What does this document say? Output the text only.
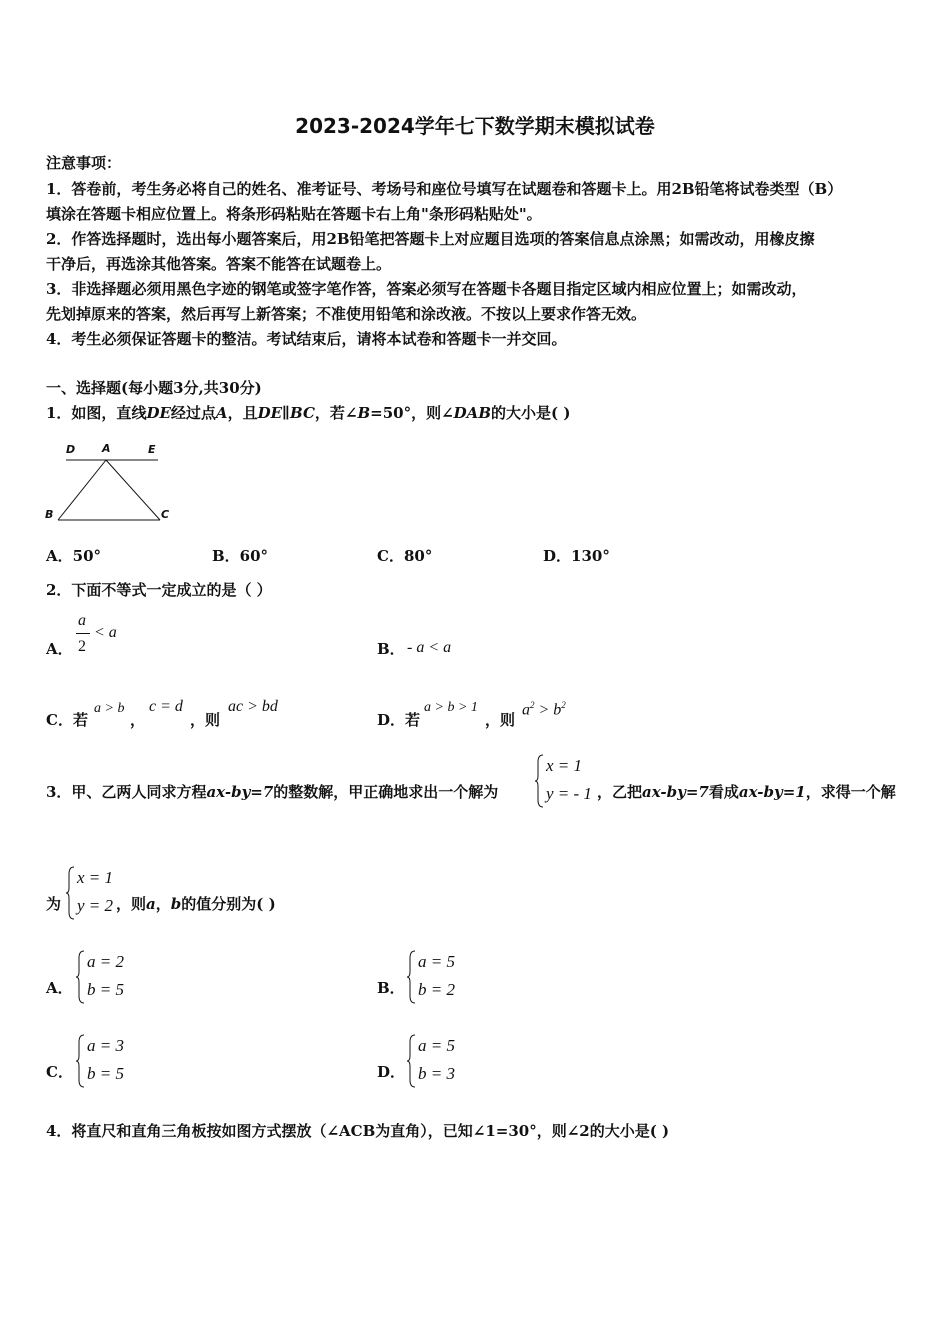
2023-2024学年七下数学期末模拟试卷
注意事项：
1．答卷前，考生务必将自己的姓名、准考证号、考场号和座位号填写在试题卷和答题卡上。用2B铅笔将试卷类型（B）
填涂在答题卡相应位置上。将条形码粘贴在答题卡右上角"条形码粘贴处"。
2．作答选择题时，选出每小题答案后，用2B铅笔把答题卡上对应题目选项的答案信息点涂黑；如需改动，用橡皮擦
干净后，再选涂其他答案。答案不能答在试题卷上。
3．非选择题必须用黑色字迹的钢笔或签字笔作答，答案必须写在答题卡各题目指定区域内相应位置上；如需改动，
先划掉原来的答案，然后再写上新答案；不准使用铅笔和涂改液。不按以上要求作答无效。
4．考生必须保证答题卡的整洁。考试结束后，请将本试卷和答题卡一并交回。
一、选择题(每小题3分,共30分)
1．如图，直线DE经过点A，且DE∥BC，若∠B=50°，则∠DAB的大小是( )
D A	E
B	C
A．50°	B．60°	C．80°	D．130°
2．下面不等式一定成立的是（ ）
A．
a
2
< a
B． - a < a
C．若
a > b
，
c = d
，则
ac > bd
D．若
a > b > 1
，则
$a^2 > b^2$
3．甲、乙两人同求方程ax-by=7的整数解，甲正确地求出一个解为
x = 1
y = - 1 ，乙把ax-by=7看成ax-by=1，求得一个解
为
x = 1
y = 2 ，则a，b的值分别为( )
A．
a = 2
b = 5	B．
a = 5
b = 2
C．
a = 3
b = 5	D．
a = 5
b = 3
4．将直尺和直角三角板按如图方式摆放（∠ACB为直角），已知∠1=30°，则∠2的大小是( )
